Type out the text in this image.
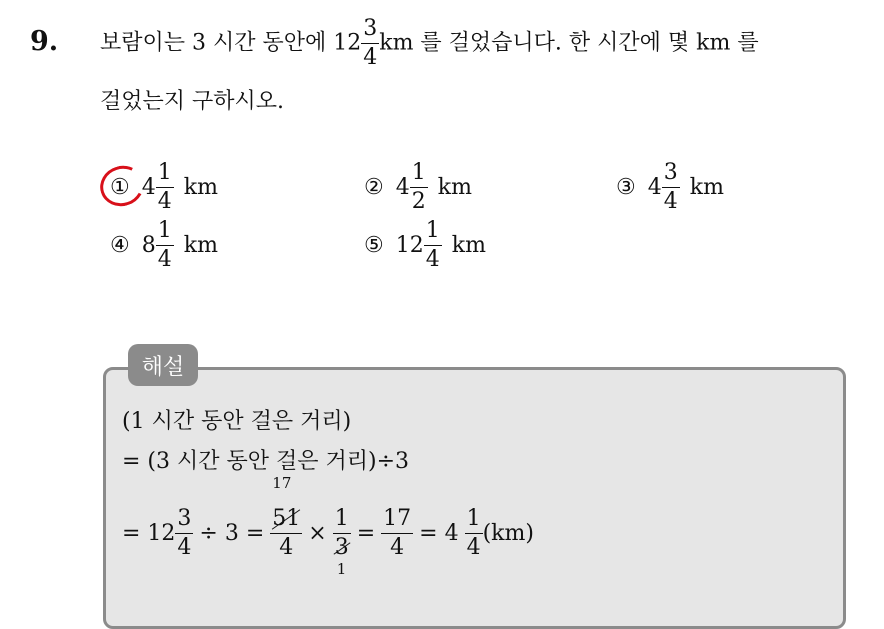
9. 보람이는 3 시간 동안에 $12 \frac{3}{4}$ km 를 걸었습니다. 한 시간에 몇 km 를
걸었는지 구하시오.
① $4 \frac{1}{4}$ km	② $4 \frac{1}{2}$ km	③ $4 \frac{3}{4}$ km
④ $8 \frac{1}{4}$ km	⑤ $12 \frac{1}{4}$ km
해설
(1 시간 동안 걸은 거리)
= (3 시간 동안 걸은 거리)÷3
= $12 \frac{3}{4} \div 3$ =
17
$\frac{51}{4} \times \frac{1}{3}$
1
= $\frac{17}{4} = 4 \frac{1}{4} (km)$
